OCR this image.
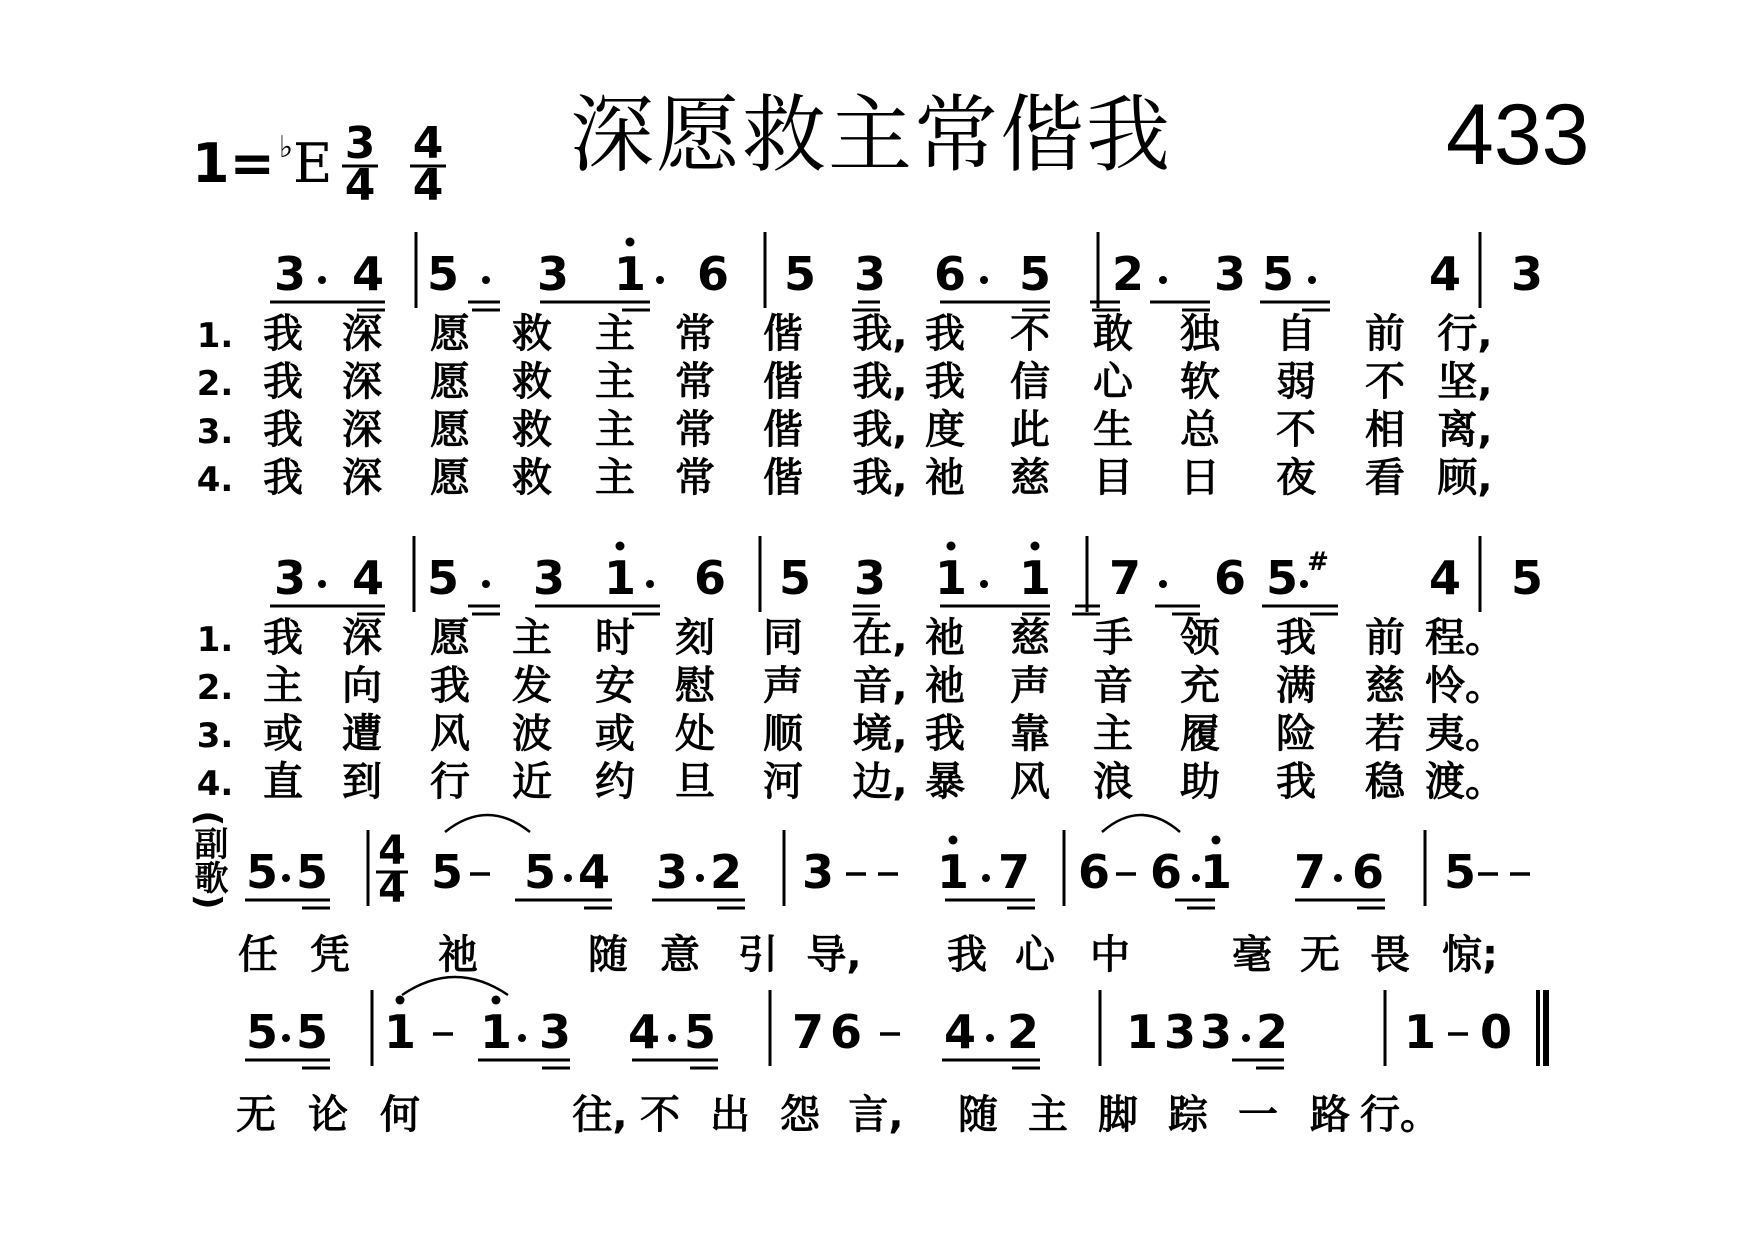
深愿救主常偕我	433
1= ♭E 3
4
4
4
3 4 5 3 1 6 5 3 6 5 2 3 5	4 3
3 4 5 3 1 6 5 3 1 1 7 6 5 # 4 5
5 5 4
4 5 5 4 3 2 3 1 7 6 6 1 7 6 5
5 5 1 1 3 4 5 7 6 4 2 1 3 3 2	1 0
(副歌)
1. 我 深 愿 救 主 常 偕 我, 我 不 敢 独 自 前 行,
2. 我 深 愿 救 主 常 偕 我, 我 信 心 软 弱 不 坚,
3. 我 深 愿 救 主 常 偕 我, 度 此 生 总 不 相 离,
4. 我 深 愿 救 主 常 偕 我, 祂 慈 目 日 夜 看 顾,
1. 我 深 愿 主 时 刻 同 在, 祂 慈 手 领 我 前 程。
2. 主 向 我 发 安 慰 声 音, 祂 声 音 充 满 慈 怜。
3. 或 遭 风 波 或 处 顺 境, 我 靠 主 履 险 若 夷。
4. 直 到 行 近 约 旦 河 边, 暴 风 浪 助 我 稳 渡。
任 凭 祂	随 意 引 导, 我 心 中	毫 无 畏 惊;
无 论 何	往, 不 出 怨 言, 随 主 脚 踪 一 路 行。
